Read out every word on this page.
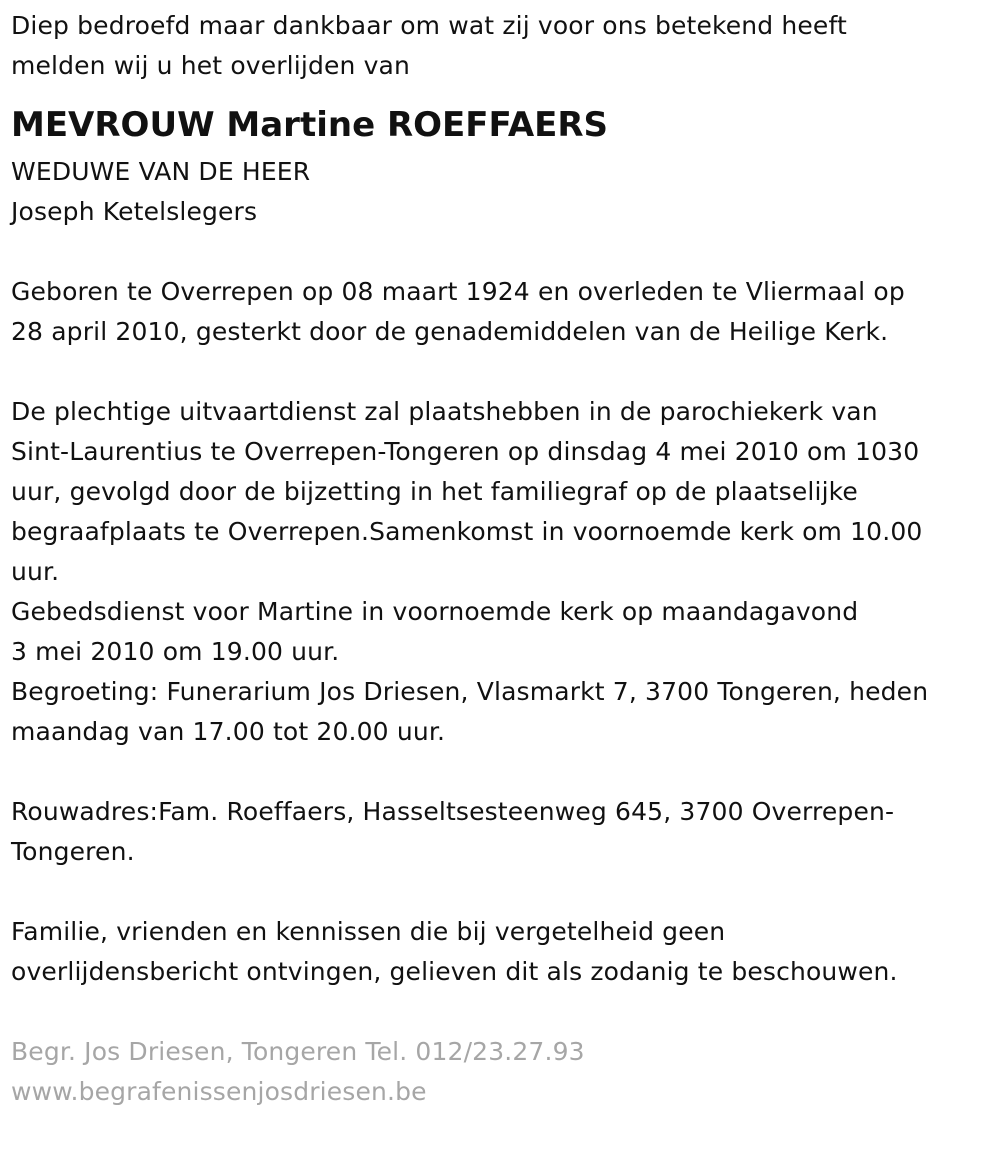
Diep bedroefd maar dankbaar om wat zij voor ons betekend heeft
melden wij u het overlijden van
MEVROUW Martine ROEFFAERS
WEDUWE VAN DE HEER
Joseph Ketelslegers
Geboren te Overrepen op 08 maart 1924 en overleden te Vliermaal op
28 april 2010, gesterkt door de genademiddelen van de Heilige Kerk.
De plechtige uitvaartdienst zal plaatshebben in de parochiekerk van
Sint-Laurentius te Overrepen-Tongeren op dinsdag 4 mei 2010 om 1030
uur, gevolgd door de bijzetting in het familiegraf op de plaatselijke
begraafplaats te Overrepen.Samenkomst in voornoemde kerk om 10.00
uur.
Gebedsdienst voor Martine in voornoemde kerk op maandagavond
3 mei 2010 om 19.00 uur.
Begroeting: Funerarium Jos Driesen, Vlasmarkt 7, 3700 Tongeren, heden
maandag van 17.00 tot 20.00 uur.
Rouwadres:Fam. Roeffaers, Hasseltsesteenweg 645, 3700 Overrepen-
Tongeren.
Familie, vrienden en kennissen die bij vergetelheid geen
overlijdensbericht ontvingen, gelieven dit als zodanig te beschouwen.
Begr. Jos Driesen, Tongeren Tel. 012/23.27.93
www.begrafenissenjosdriesen.be
